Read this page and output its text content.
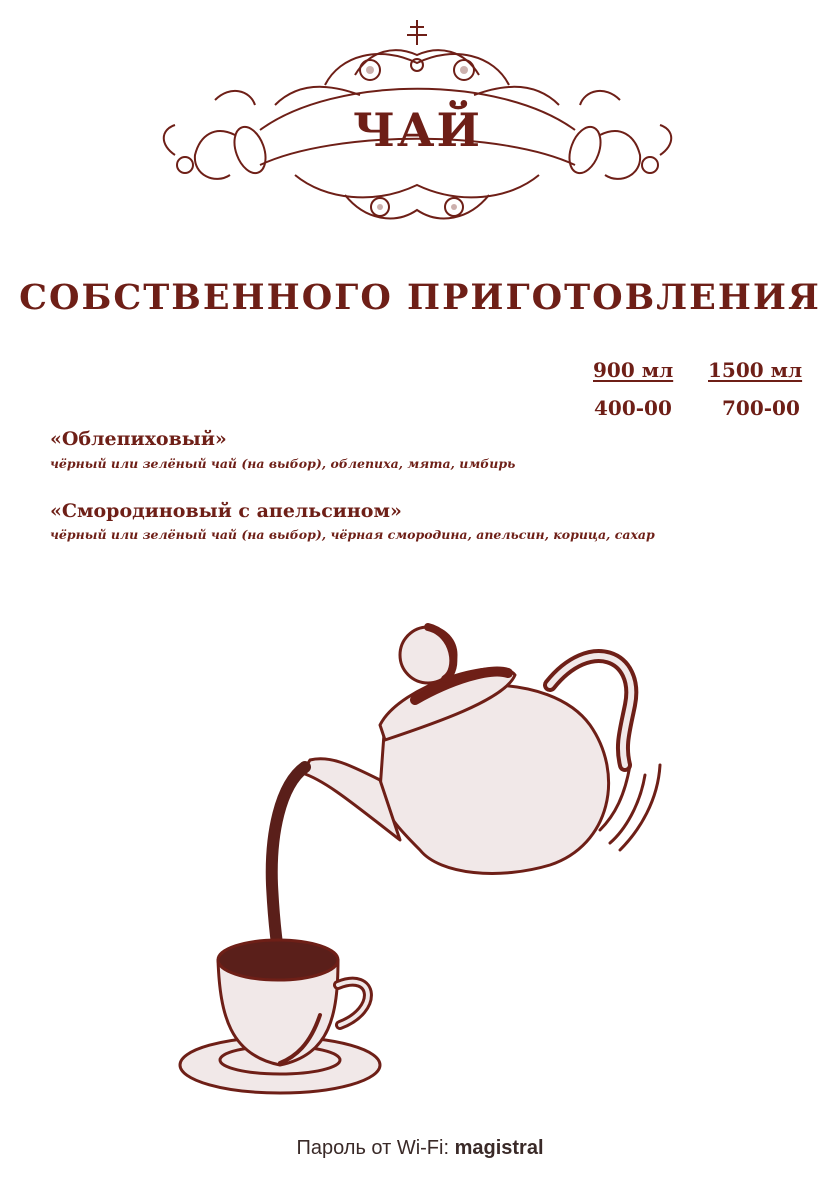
ЧАЙ
СОБСТВЕННОГО ПРИГОТОВЛЕНИЯ
900 мл 1500 мл
400-00	700-00
«Облепиховый»
чёрный или зелёный чай (на выбор), облепиха, мята, имбирь
«Смородиновый с апельсином»
чёрный или зелёный чай (на выбор), чёрная смородина, апельсин, корица, сахар
Пароль от Wi-Fi: magistral
